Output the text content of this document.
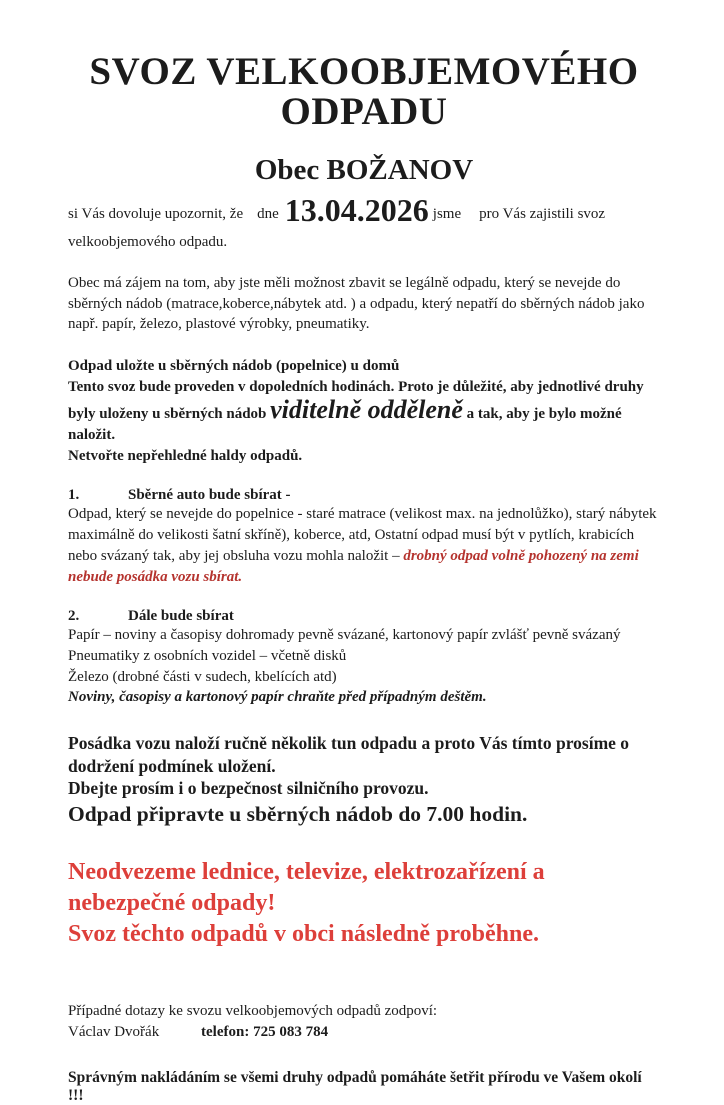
SVOZ VELKOOBJEMOVÉHO ODPADU
Obec BOŽANOV

si Vás dovoluje upozornit, že dne 13.04.2026 jsme pro Vás zajistili svoz

velkoobjemového odpadu.

Obec má zájem na tom, aby jste měli možnost zbavit se legálně odpadu, který se nevejde do sběrných nádob (matrace,koberce,nábytek atd. ) a odpadu, který nepatří do sběrných nádob jako např. papír, železo, plastové výrobky, pneumatiky.

Odpad uložte u sběrných nádob (popelnice) u domů
Tento svoz bude proveden v dopoledních hodinách. Proto je důležité, aby jednotlivé druhy
byly uloženy u sběrných nádob viditelně odděleně a tak, aby je bylo možné naložit.
Netvořte nepřehledné haldy odpadů.
1.	Sběrné auto bude sbírat -

Odpad, který se nevejde do popelnice - staré matrace (velikost max. na jednolůžko), starý nábytek maximálně do velikosti šatní skříně), koberce, atd, Ostatní odpad musí být v pytlích, krabicích nebo svázaný tak, aby jej obsluha vozu mohla naložit – drobný odpad volně pohozený na zemi nebude posádka vozu sbírat.

2.	Dále bude sbírat
Papír – noviny a časopisy dohromady pevně svázané, kartonový papír zvlášť pevně svázaný
Pneumatiky z osobních vozidel – včetně disků
Železo (drobné části v sudech, kbelících atd)
Noviny, časopisy a kartonový papír chraňte před případným deštěm.

Posádka vozu naloží ručně několik tun odpadu a proto Vás tímto prosíme o dodržení podmínek uložení.

Dbejte prosím i o bezpečnost silničního provozu.

Odpad připravte u sběrných nádob do 7.00 hodin.

Neodvezeme lednice, televize, elektrozařízení a nebezpečné odpady!

Svoz těchto odpadů v obci následně proběhne.

Případné dotazy ke svozu velkoobjemových odpadů zodpoví:
Václav Dvořák	telefon: 725 083 784

Správným nakládáním se všemi druhy odpadů pomáháte šetřit přírodu ve Vašem okolí !!!
